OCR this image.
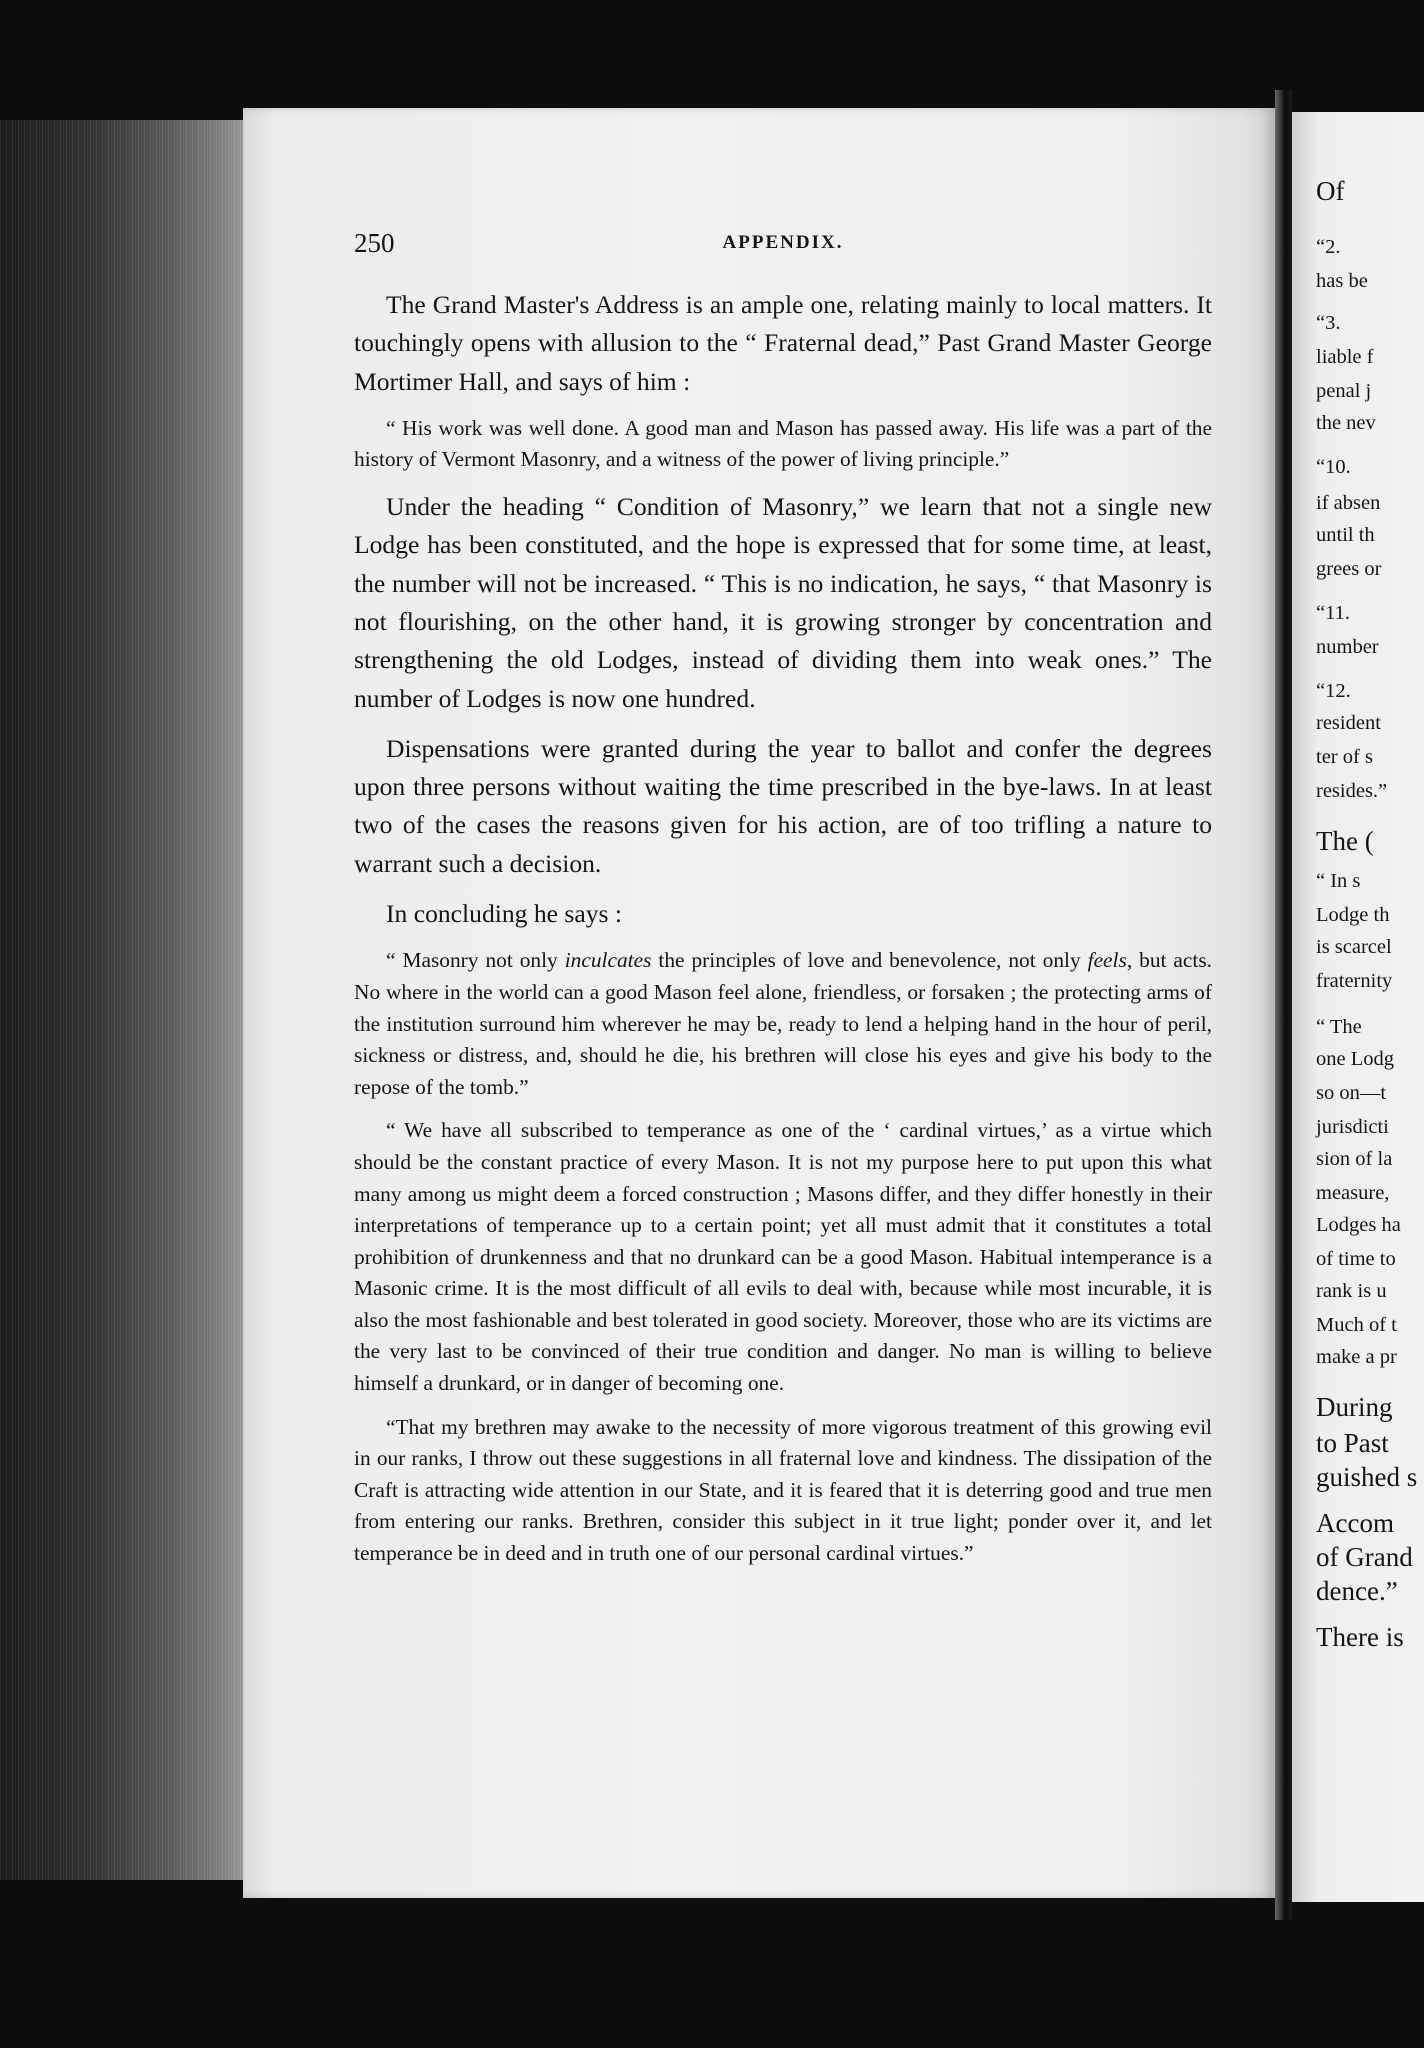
250	APPENDIX.

The Grand Master's Address is an ample one, relating mainly to local matters. It touchingly opens with allusion to the “ Fraternal dead,” Past Grand Master George Mortimer Hall, and says of him :

“ His work was well done. A good man and Mason has passed away. His life was a part of the history of Vermont Masonry, and a witness of the power of living principle.”

Under the heading “ Condition of Masonry,” we learn that not a single new Lodge has been constituted, and the hope is expressed that for some time, at least, the number will not be increased. “ This is no indication, he says, “ that Masonry is not flourishing, on the other hand, it is growing stronger by concentration and strengthening the old Lodges, instead of dividing them into weak ones.” The number of Lodges is now one hundred.

Dispensations were granted during the year to ballot and confer the degrees upon three persons without waiting the time prescribed in the bye-laws. In at least two of the cases the reasons given for his action, are of too trifling a nature to warrant such a decision.

In concluding he says :

“ Masonry not only inculcates the principles of love and benevolence, not only feels, but acts. No where in the world can a good Mason feel alone, friendless, or forsaken ; the protecting arms of the institution surround him wherever he may be, ready to lend a helping hand in the hour of peril, sickness or distress, and, should he die, his brethren will close his eyes and give his body to the repose of the tomb.”

“ We have all subscribed to temperance as one of the ‘ cardinal virtues,’ as a virtue which should be the constant practice of every Mason. It is not my purpose here to put upon this what many among us might deem a forced construction ; Masons differ, and they differ honestly in their interpretations of temperance up to a certain point; yet all must admit that it constitutes a total prohibition of drunkenness and that no drunkard can be a good Mason. Habitual intemperance is a Masonic crime. It is the most difficult of all evils to deal with, because while most incurable, it is also the most fashionable and best tolerated in good society. Moreover, those who are its victims are the very last to be convinced of their true condition and danger. No man is willing to believe himself a drunkard, or in danger of becoming one.

“That my brethren may awake to the necessity of more vigorous treatment of this growing evil in our ranks, I throw out these suggestions in all fraternal love and kindness. The dissipation of the Craft is attracting wide attention in our State, and it is feared that it is deterring good and true men from entering our ranks. Brethren, consider this subject in it true light; ponder over it, and let temperance be in deed and in truth one of our personal cardinal virtues.”

Of
“2.
has be
“3.
liable f
penal j
the nev
“10.
if absen
until th
grees or
“11.
number
“12.
resident
ter of s
resides.”
The (
“ In s
Lodge th
is scarcel
fraternity
“ The
one Lodg
so on—t
jurisdicti
sion of la
measure,
Lodges ha
of time to
rank is u
Much of t
make a pr
During
to Past
guished s
Accom
of Grand
dence.”
There is
